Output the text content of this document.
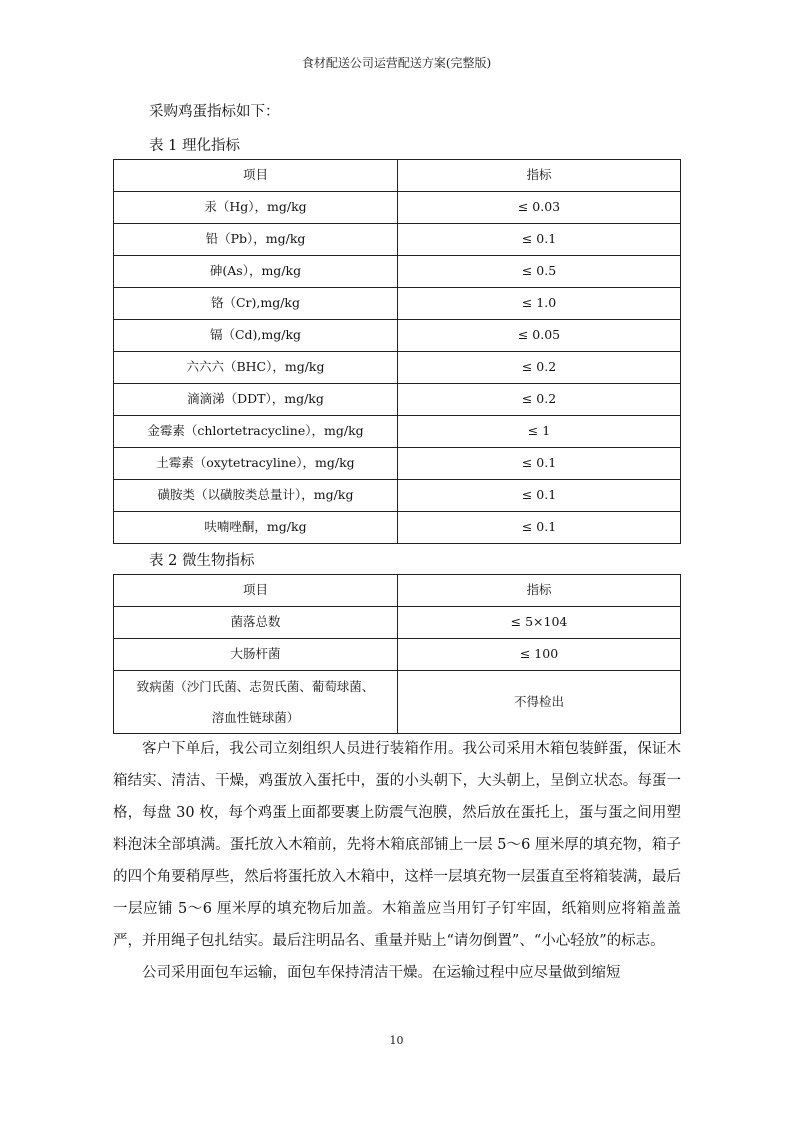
食材配送公司运营配送方案(完整版)
采购鸡蛋指标如下：
表 1 理化指标
项目	指标
汞（Hg），mg/kg	≤ 0.03
铅（Pb），mg/kg	≤ 0.1
砷(As），mg/kg	≤ 0.5
铬（Cr),mg/kg	≤ 1.0
镉（Cd),mg/kg	≤ 0.05
六六六（BHC），mg/kg	≤ 0.2
滴滴涕（DDT），mg/kg	≤ 0.2
金霉素（chlortetracycline），mg/kg	≤ 1
土霉素（oxytetracyline），mg/kg	≤ 0.1
磺胺类（以磺胺类总量计），mg/kg	≤ 0.1
呋喃唑酮，mg/kg	≤ 0.1
表 2 微生物指标
项目	指标
菌落总数	≤ 5×104
大肠杆菌	≤ 100

致病菌（沙门氏菌、志贺氏菌、葡萄球菌、
溶血性链球菌）	不得检出

客户下单后，我公司立刻组织人员进行装箱作用。我公司采用木箱包装鲜蛋，保证木箱结实、清洁、干燥，鸡蛋放入蛋托中，蛋的小头朝下，大头朝上，呈倒立状态。每蛋一格，每盘 30 枚，每个鸡蛋上面都要裹上防震气泡膜，然后放在蛋托上，蛋与蛋之间用塑料泡沫全部填满。蛋托放入木箱前，先将木箱底部铺上一层 5～6 厘米厚的填充物，箱子的四个角要稍厚些，然后将蛋托放入木箱中，这样一层填充物一层蛋直至将箱装满，最后一层应铺 5～6 厘米厚的填充物后加盖。木箱盖应当用钉子钉牢固，纸箱则应将箱盖盖严，并用绳子包扎结实。最后注明品名、重量并贴上“请勿倒置”、“小心轻放”的标志。

公司采用面包车运输，面包车保持清洁干燥。在运输过程中应尽量做到缩短

10
